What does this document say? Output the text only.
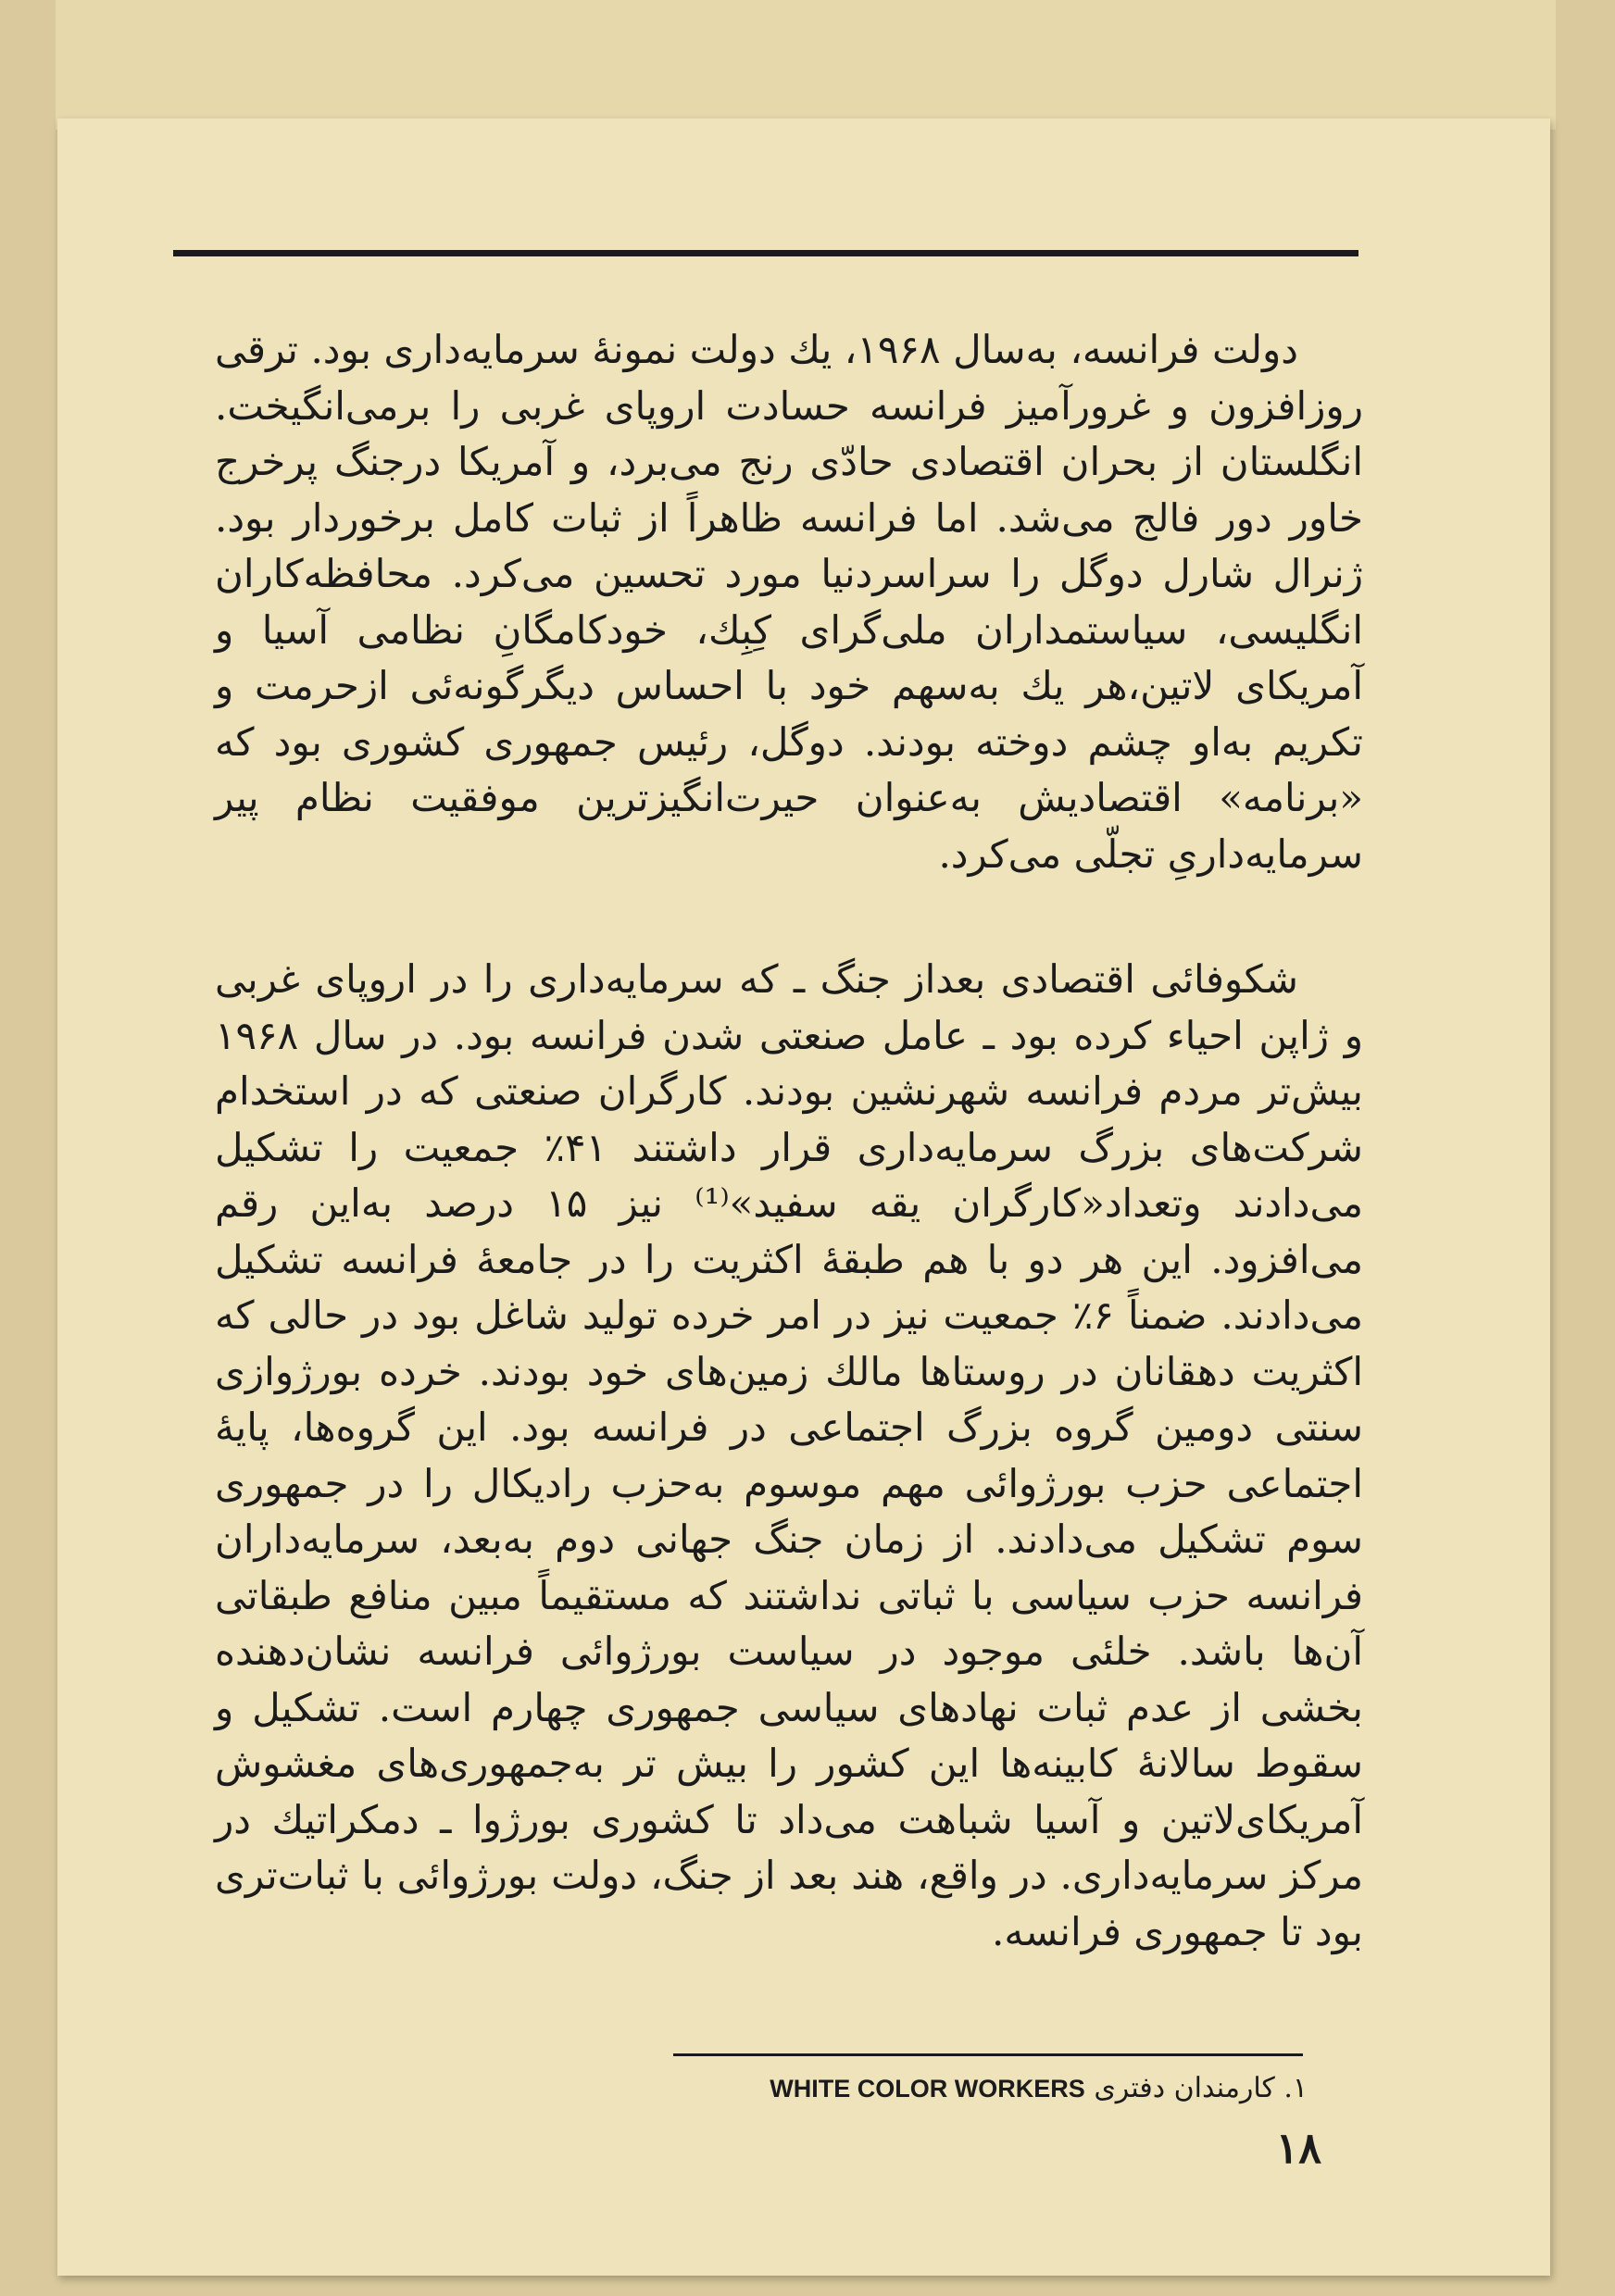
دولت فرانسه، به‌سال ۱۹۶۸، یك دولت نمونهٔ سرمایه‌داری بود. ترقی روزافزون و غرورآمیز فرانسه حسادت اروپای غربی را برمی‌انگیخت. انگلستان از بحران اقتصادی حادّی رنج می‌برد، و آمریکا درجنگ پرخرج خاور دور فالج می‌شد. اما فرانسه ظاهراً از ثبات کامل برخوردار بود. ژنرال شارل دوگل را سراسردنیا مورد تحسین می‌کرد. محافظه‌کاران انگلیسی، سیاستمداران ملی‌گرای کِبِك، خودکامگانِ نظامی آسیا و آمریکای لاتین،هر یك به‌سهم خود با احساس دیگرگونه‌ئی ازحرمت و تکریم به‌او چشم دوخته بودند. دوگل، رئیس جمهوری کشوری بود که «برنامه» اقتصادیش به‌عنوان حیرت‌انگیزترین موفقیت نظام پیر سرمایه‌داریِ تجلّی می‌کرد.

شکوفائی اقتصادی بعداز جنگ ـ که سرمایه‌داری را در اروپای غربی و ژاپن احیاء کرده بود ـ عامل صنعتی شدن فرانسه بود. در سال ۱۹۶۸ بیش‌تر مردم فرانسه شهرنشین بودند. کارگران صنعتی که در استخدام شرکت‌های بزرگ سرمایه‌داری قرار داشتند ۴۱٪ جمعیت را تشکیل می‌دادند وتعداد«کارگران یقه سفید»⁽¹⁾ نیز ۱۵ درصد به‌این رقم می‌افزود. این هر دو با هم طبقهٔ اکثریت را در جامعهٔ فرانسه تشکیل می‌دادند. ضمناً ۶٪ جمعیت نیز در امر خرده تولید شاغل بود در حالی که اکثریت دهقانان در روستاها مالك زمین‌های خود بودند. خرده بورژوازی سنتی دومین گروه بزرگ اجتماعی در فرانسه بود. این گروه‌ها، پایهٔ اجتماعی حزب بورژوائی مهم موسوم به‌حزب رادیکال را در جمهوری سوم تشکیل می‌دادند. از زمان جنگ جهانی دوم به‌بعد، سرمایه‌داران فرانسه حزب سیاسی با ثباتی نداشتند که مستقیماً مبین منافع طبقاتی آن‌ها باشد. خلئی موجود در سیاست بورژوائی فرانسه نشان‌دهنده بخشی از عدم ثبات نهادهای سیاسی جمهوری چهارم است. تشکیل و سقوط سالانهٔ کابینه‌ها این کشور را بیش تر به‌جمهوری‌های مغشوش آمریکای‌لاتین و آسیا شباهت می‌داد تا کشوری بورژوا ـ دمکراتیك در مرکز سرمایه‌داری. در واقع، هند بعد از جنگ، دولت بورژوائی با ثبات‌تری بود تا جمهوری فرانسه.

۱. کارمندان دفتری WHITE COLOR WORKERS
۱۸
